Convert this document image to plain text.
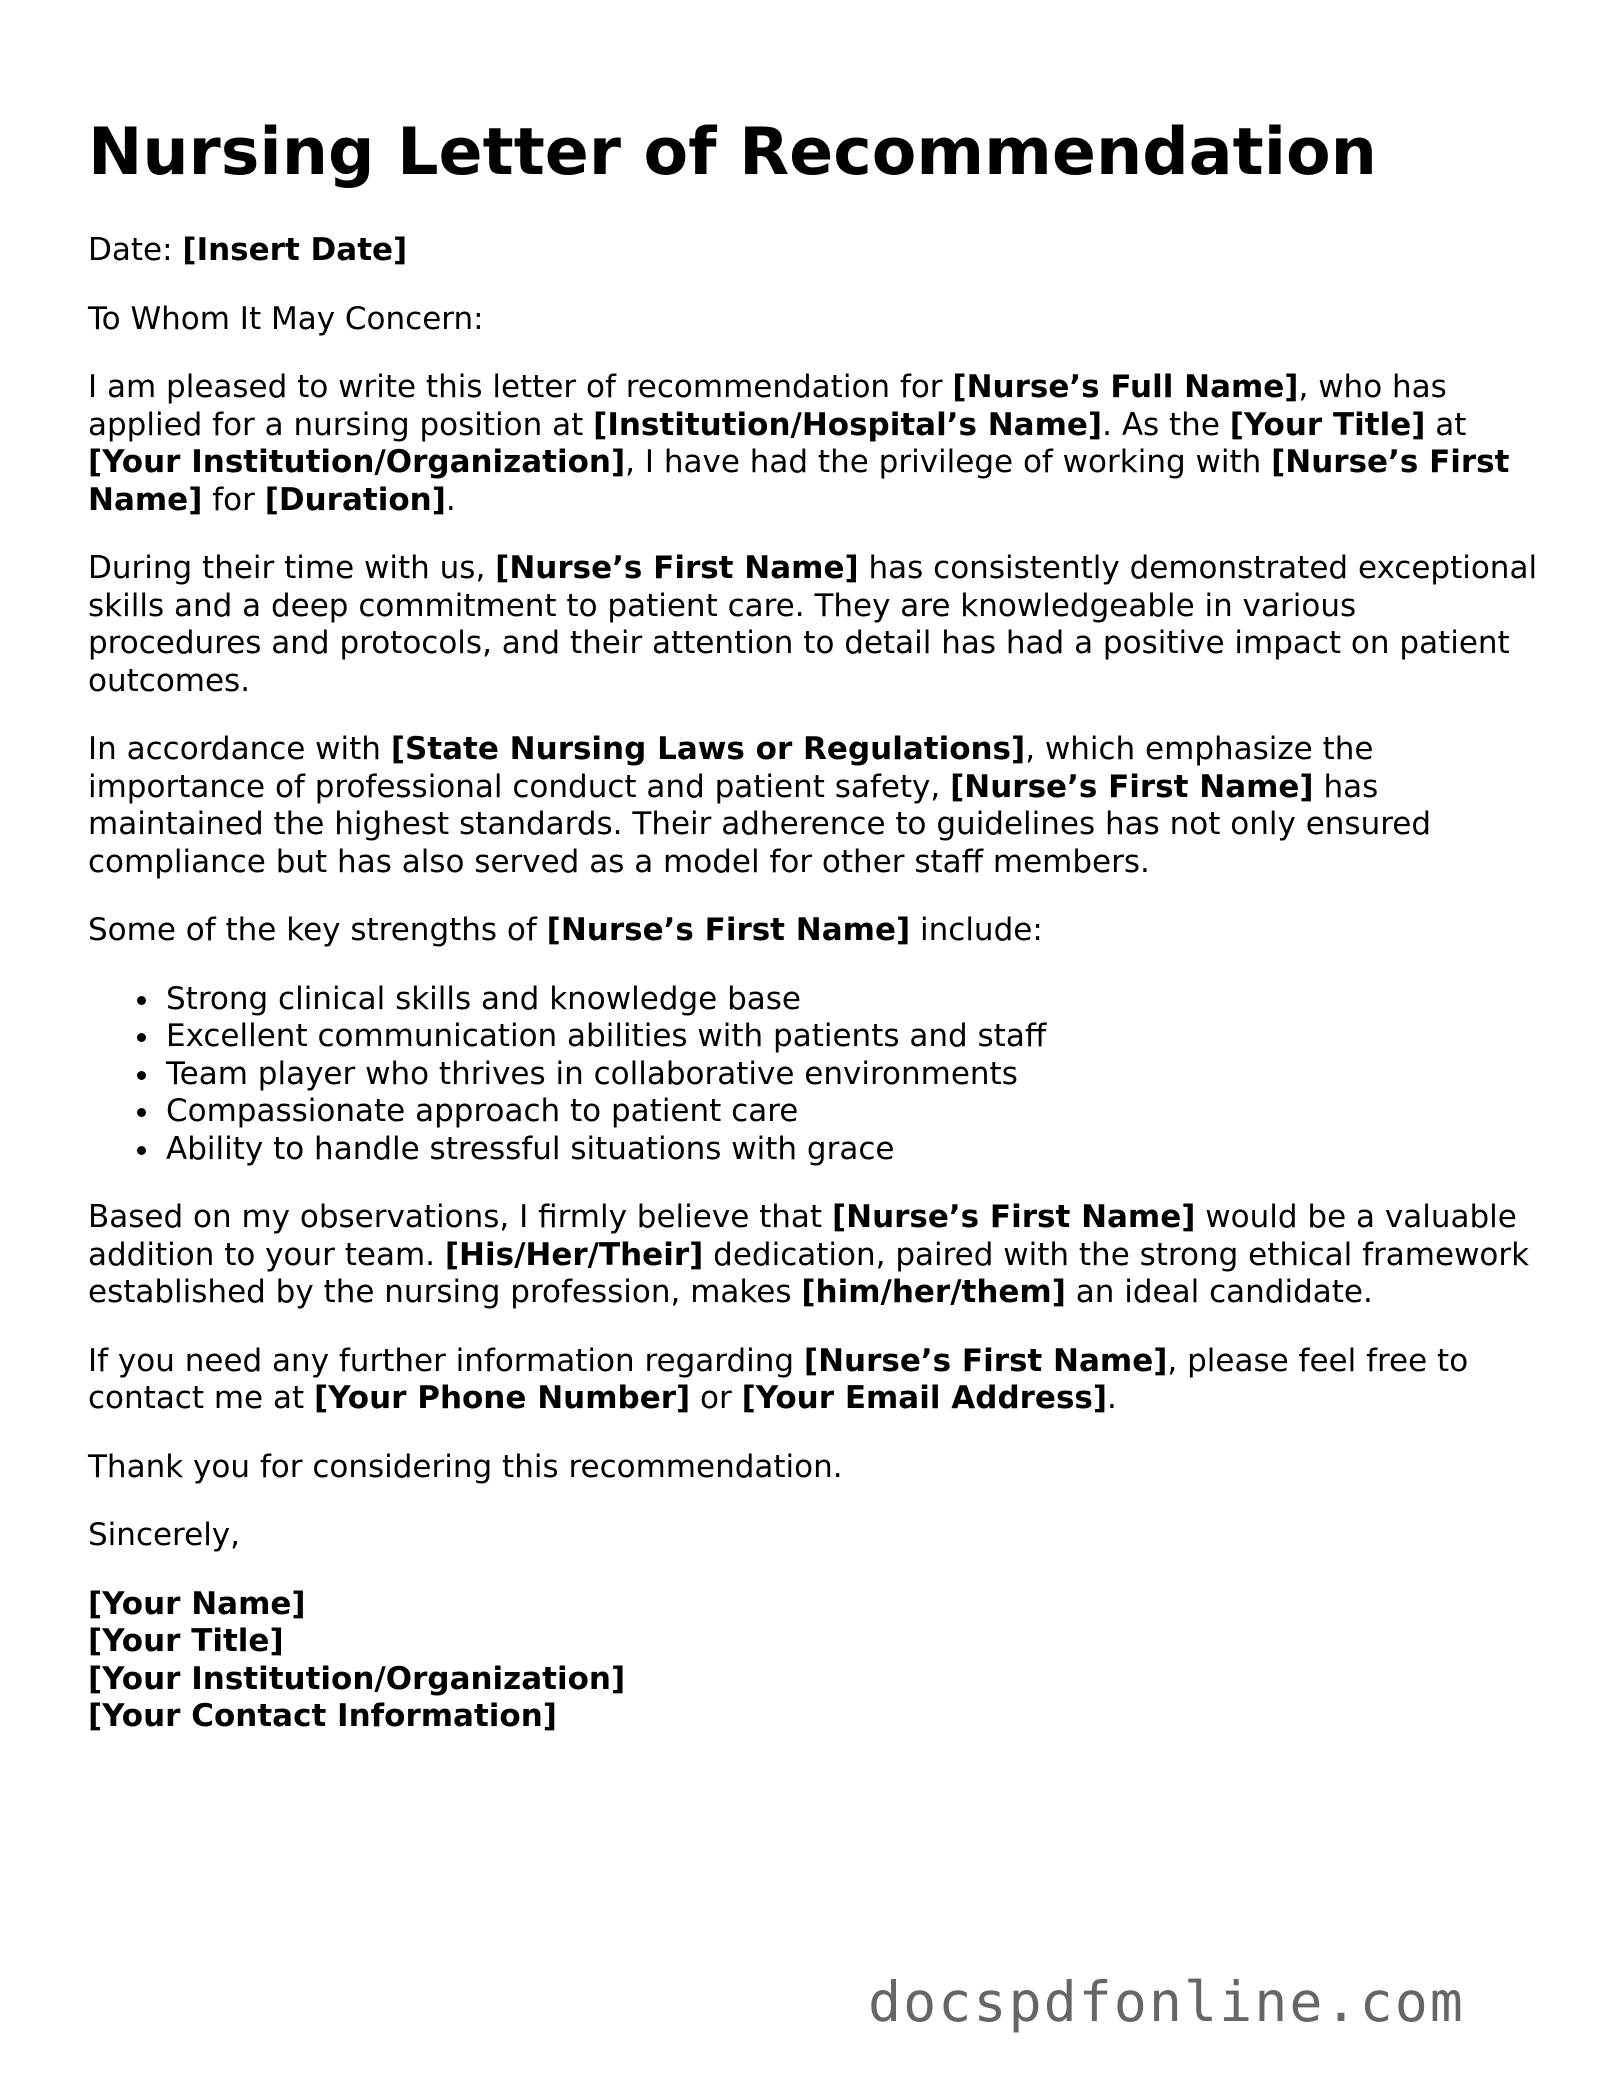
Nursing Letter of Recommendation

Date: [Insert Date]

To Whom It May Concern:

I am pleased to write this letter of recommendation for [Nurse’s Full Name], who has applied for a nursing position at [Institution/Hospital’s Name]. As the [Your Title] at
[Your Institution/Organization], I have had the privilege of working with [Nurse’s First Name] for [Duration].

During their time with us, [Nurse’s First Name] has consistently demonstrated exceptional skills and a deep commitment to patient care. They are knowledgeable in various procedures and protocols, and their attention to detail has had a positive impact on patient outcomes.

In accordance with [State Nursing Laws or Regulations], which emphasize the importance of professional conduct and patient safety, [Nurse’s First Name] has maintained the highest standards. Their adherence to guidelines has not only ensured compliance but has also served as a model for other staff members.

Some of the key strengths of [Nurse’s First Name] include:

Strong clinical skills and knowledge base
Excellent communication abilities with patients and staff
Team player who thrives in collaborative environments
Compassionate approach to patient care
Ability to handle stressful situations with grace

Based on my observations, I firmly believe that [Nurse’s First Name] would be a valuable addition to your team. [His/Her/Their] dedication, paired with the strong ethical framework established by the nursing profession, makes [him/her/them] an ideal candidate.

If you need any further information regarding [Nurse’s First Name], please feel free to contact me at [Your Phone Number] or [Your Email Address].

Thank you for considering this recommendation.

Sincerely,

[Your Name]
[Your Title]
[Your Institution/Organization]
[Your Contact Information]
docspdfonline.com
